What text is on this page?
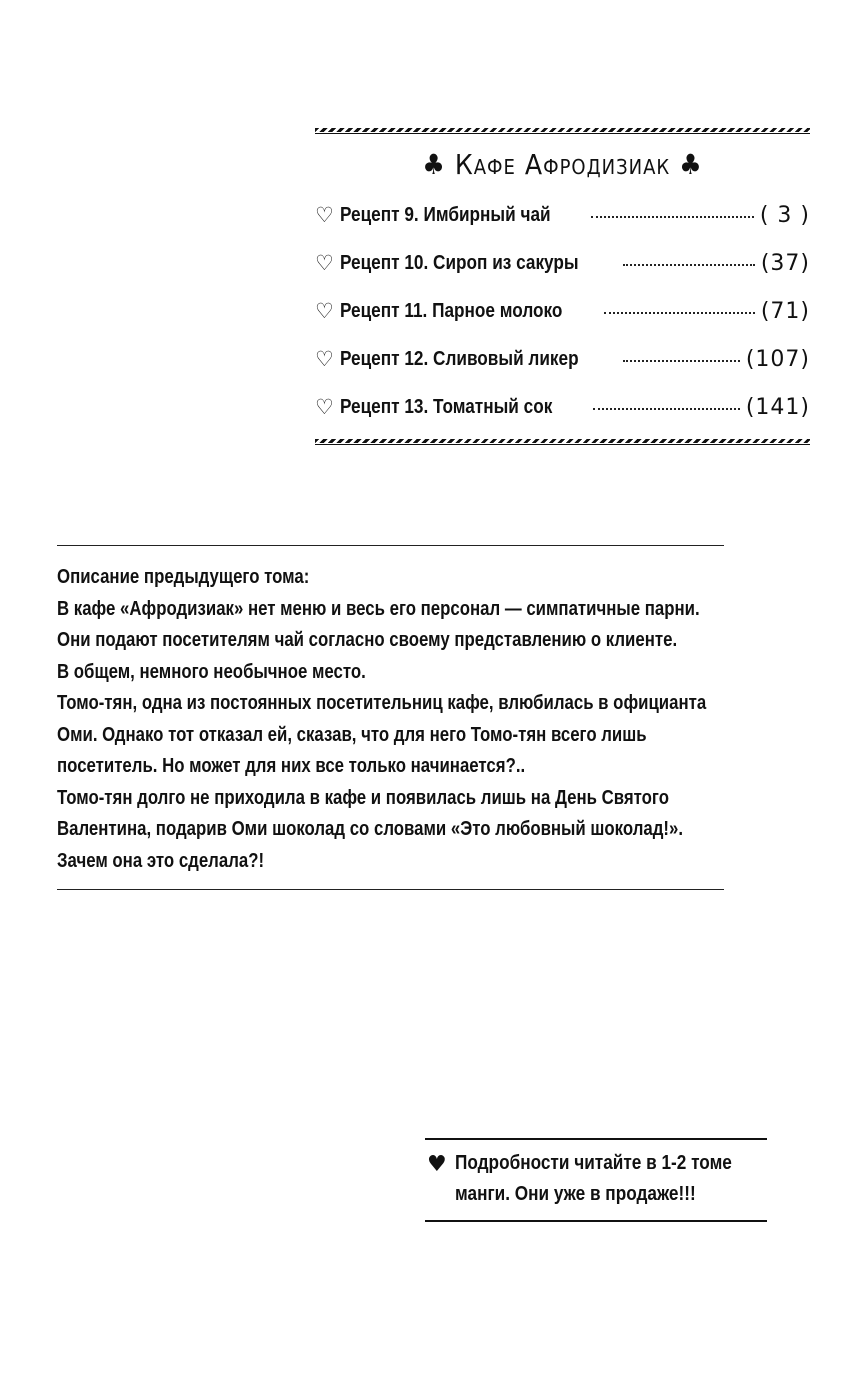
♣ Кафе Афродизиак ♣
♡ Рецепт 9. Имбирный чай	( 3 )
♡ Рецепт 10. Сироп из сакуры	(37)
♡ Рецепт 11. Парное молоко	(71)
♡ Рецепт 12. Сливовый ликер	(107)
♡ Рецепт 13. Томатный сок	(141)

Описание предыдущего тома:

В кафе «Афродизиак» нет меню и весь его персонал — симпатичные парни.

Они подают посетителям чай согласно своему представлению о клиенте.

В общем, немного необычное место.

Томо-тян, одна из постоянных посетительниц кафе, влюбилась в официанта

Оми. Однако тот отказал ей, сказав, что для него Томо-тян всего лишь

посетитель. Но может для них все только начинается?..

Томо-тян долго не приходила в кафе и появилась лишь на День Святого

Валентина, подарив Оми шоколад со словами «Это любовный шоколад!».

Зачем она это сделала?!

♥ Подробности читайте в 1-2 томе
манги. Они уже в продаже!!!
